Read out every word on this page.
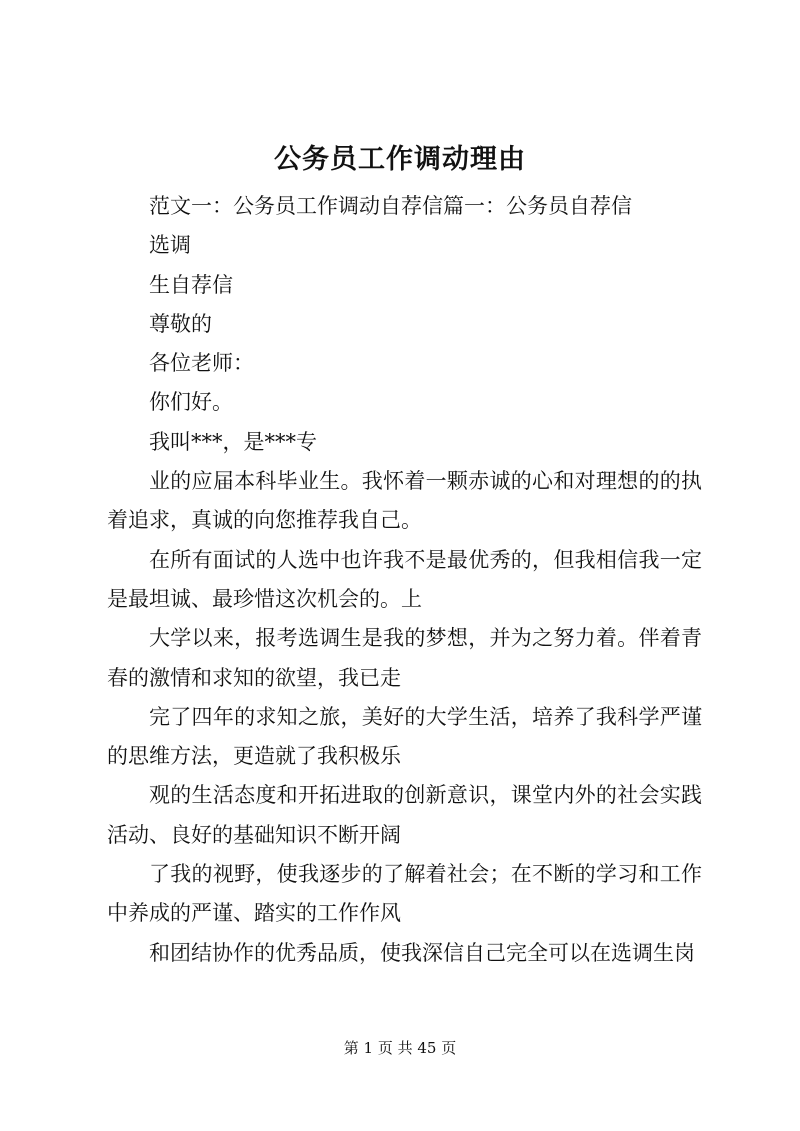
公务员工作调动理由

范文一：公务员工作调动自荐信篇一：公务员自荐信

选调

生自荐信

尊敬的

各位老师：

你们好。

我叫***，是***专

业的应届本科毕业生。我怀着一颗赤诚的心和对理想的的执着追求，真诚的向您推荐我自己。

在所有面试的人选中也许我不是最优秀的，但我相信我一定是最坦诚、最珍惜这次机会的。上

大学以来，报考选调生是我的梦想，并为之努力着。伴着青春的激情和求知的欲望，我已走

完了四年的求知之旅，美好的大学生活，培养了我科学严谨的思维方法，更造就了我积极乐

观的生活态度和开拓进取的创新意识，课堂内外的社会实践活动、良好的基础知识不断开阔

了我的视野，使我逐步的了解着社会；在不断的学习和工作中养成的严谨、踏实的工作作风

和团结协作的优秀品质，使我深信自己完全可以在选调生岗

第 1 页 共 45 页
